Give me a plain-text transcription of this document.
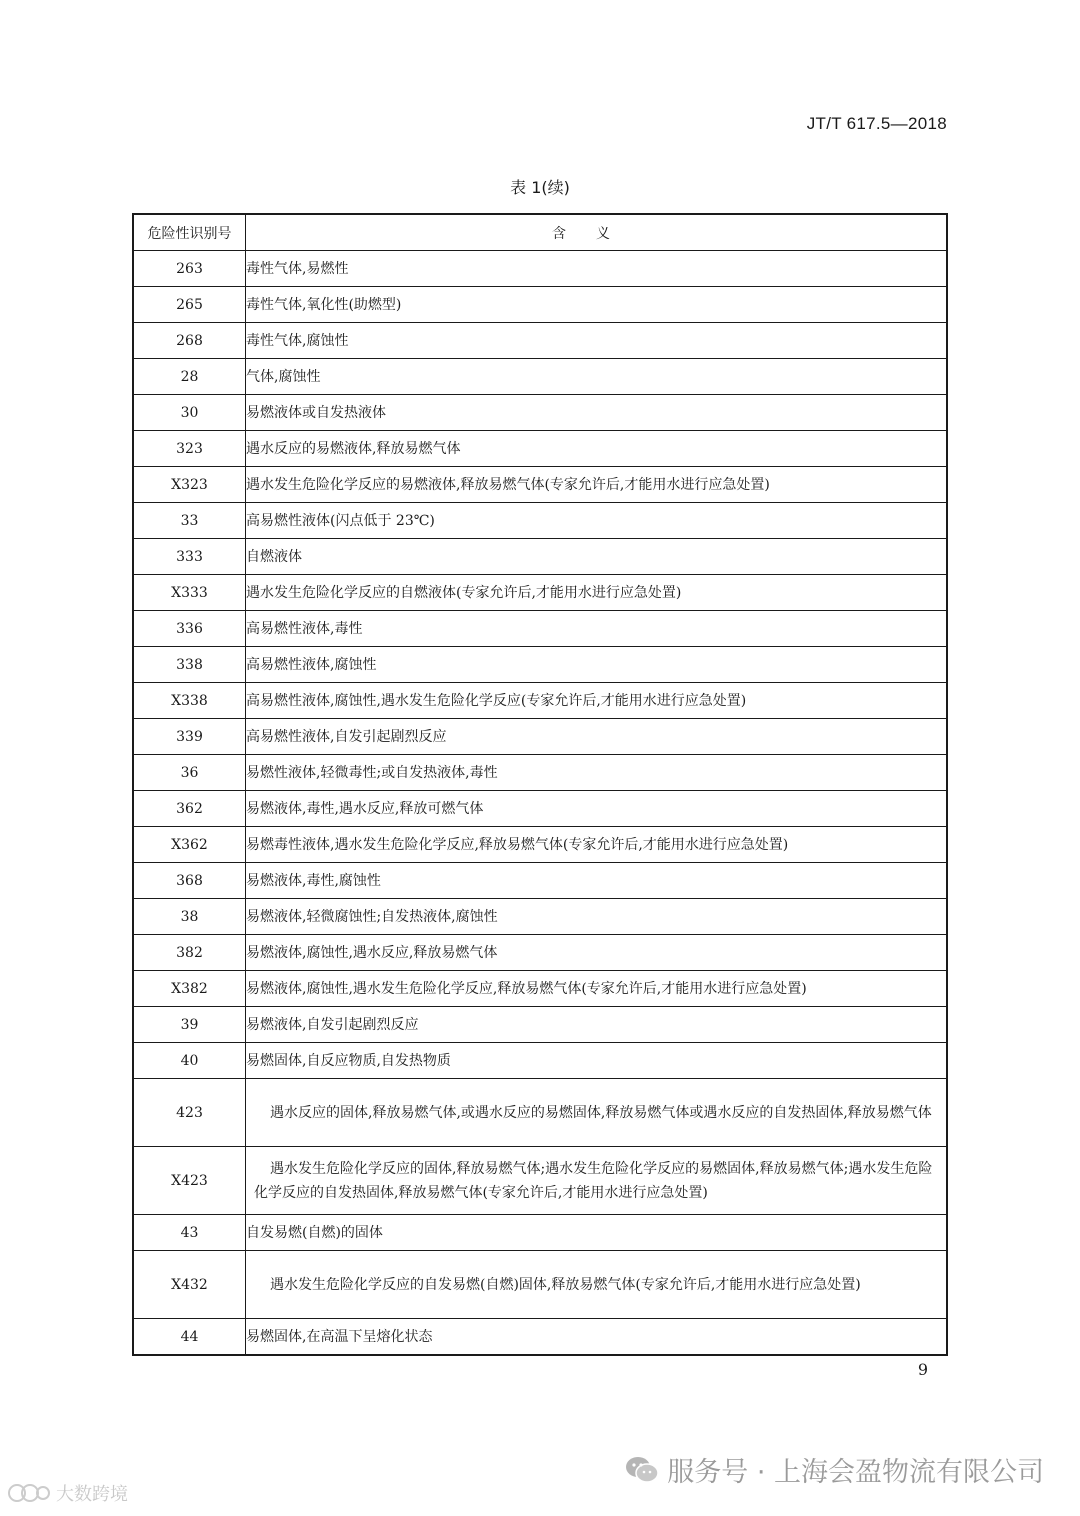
JT/T 617.5—2018
表 1(续)
危险性识别号	含义
263	毒性气体,易燃性

265	毒性气体,氧化性(助燃型)

268	毒性气体,腐蚀性

28	气体,腐蚀性

30	易燃液体或自发热液体

323	遇水反应的易燃液体,释放易燃气体

X323	遇水发生危险化学反应的易燃液体,释放易燃气体(专家允许后,才能用水进行应急处置)

33	高易燃性液体(闪点低于 23℃)

333	自燃液体

X333	遇水发生危险化学反应的自燃液体(专家允许后,才能用水进行应急处置)

336	高易燃性液体,毒性

338	高易燃性液体,腐蚀性

X338	高易燃性液体,腐蚀性,遇水发生危险化学反应(专家允许后,才能用水进行应急处置)

339	高易燃性液体,自发引起剧烈反应

36	易燃性液体,轻微毒性;或自发热液体,毒性

362	易燃液体,毒性,遇水反应,释放可燃气体

X362	易燃毒性液体,遇水发生危险化学反应,释放易燃气体(专家允许后,才能用水进行应急处置)

368	易燃液体,毒性,腐蚀性

38	易燃液体,轻微腐蚀性;自发热液体,腐蚀性

382	易燃液体,腐蚀性,遇水反应,释放易燃气体

X382	易燃液体,腐蚀性,遇水发生危险化学反应,释放易燃气体(专家允许后,才能用水进行应急处置)

39	易燃液体,自发引起剧烈反应

40	易燃固体,自反应物质,自发热物质

423	遇水反应的固体,释放易燃气体,或遇水反应的易燃固体,释放易燃气体或遇水反应的自发热固体,释放易燃气体

X423	遇水发生危险化学反应的固体,释放易燃气体;遇水发生危险化学反应的易燃固体,释放易燃气体;遇水发生危险化学反应的自发热固体,释放易燃气体(专家允许后,才能用水进行应急处置)

43	自发易燃(自燃)的固体

X432	遇水发生危险化学反应的自发易燃(自燃)固体,释放易燃气体(专家允许后,才能用水进行应急处置)

44	易燃固体,在高温下呈熔化状态
9
服务号 · 上海会盈物流有限公司
大数跨境
